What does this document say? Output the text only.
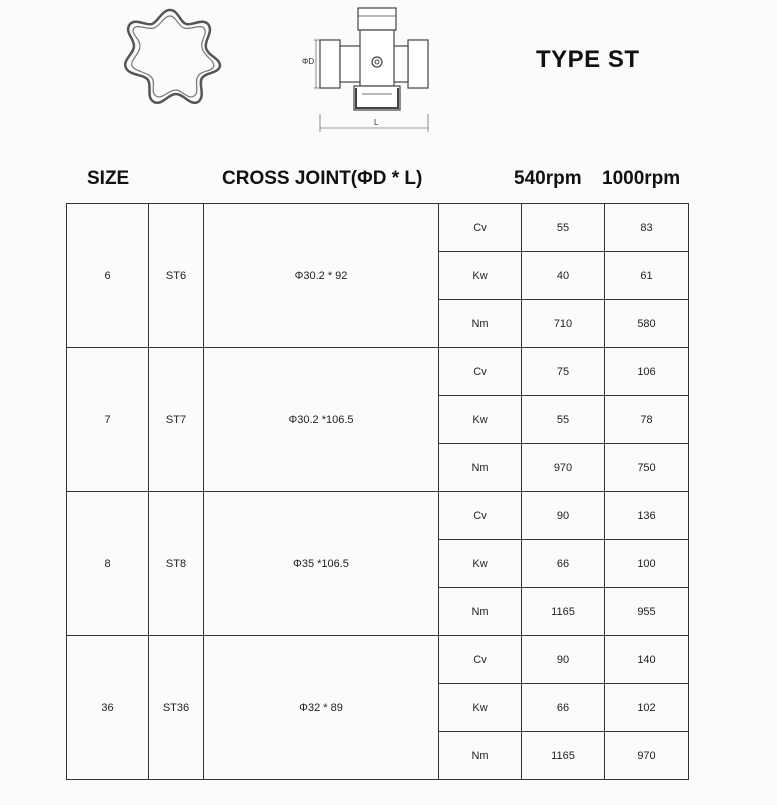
ΦD
L
TYPE ST
SIZE	CROSS JOINT(ΦD * L)	540rpm 1000rpm
6	ST6	Φ30.2 * 92	Cv	55	83
			Kw	40	61
			Nm	710	580
7	ST7	Φ30.2 *106.5	Cv	75	106
			Kw	55	78
			Nm	970	750
8	ST8	Φ35 *106.5	Cv	90	136
			Kw	66	100
			Nm	1165	955
36	ST36	Φ32 * 89	Cv	90	140
			Kw	66	102
			Nm	1165	970
